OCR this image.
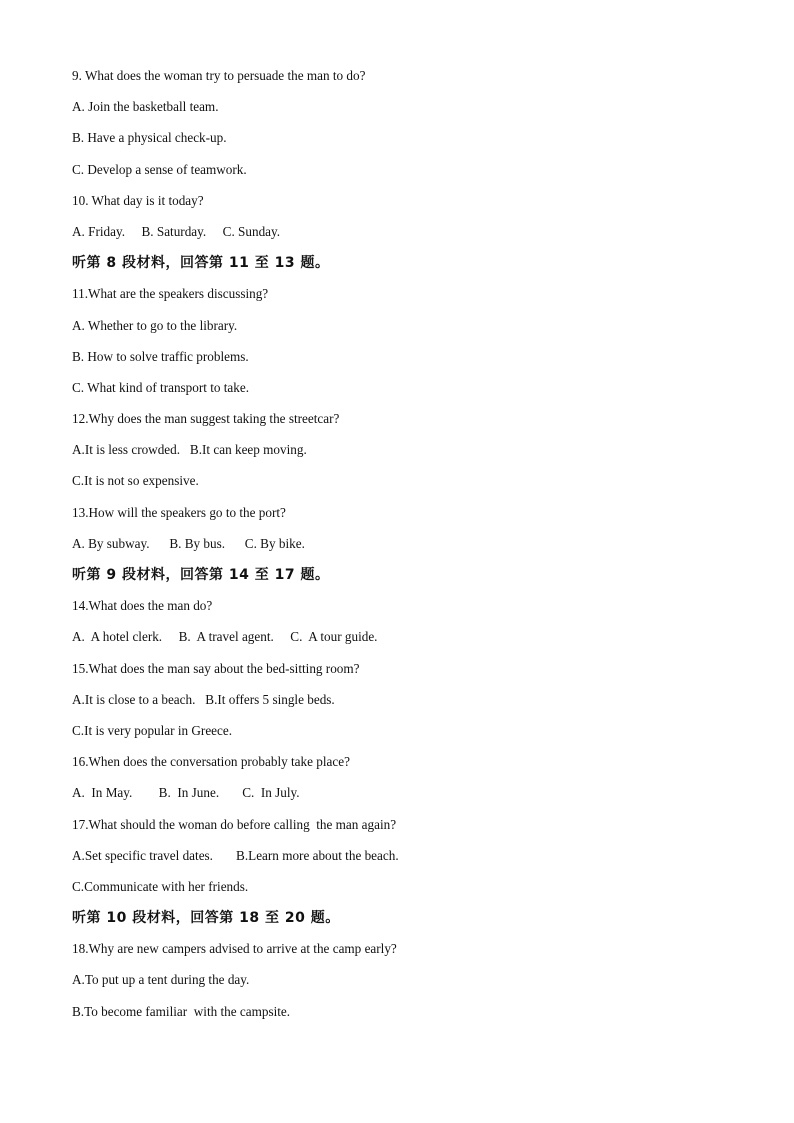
9. What does the woman try to persuade the man to do?
A. Join the basketball team.
B. Have a physical check-up.
C. Develop a sense of teamwork.
10. What day is it today?
A. Friday.     B. Saturday.     C. Sunday.
听第 8 段材料，回答第 11 至 13 题。
11.What are the speakers discussing?
A. Whether to go to the library.
B. How to solve traffic problems.
C. What kind of transport to take.
12.Why does the man suggest taking the streetcar?
A.It is less crowded.   B.It can keep moving.
C.It is not so expensive.
13.How will the speakers go to the port?
A. By subway.      B. By bus.      C. By bike.
听第 9 段材料，回答第 14 至 17 题。
14.What does the man do?
A.  A hotel clerk.     B.  A travel agent.     C.  A tour guide.
15.What does the man say about the bed-sitting room?
A.It is close to a beach.   B.It offers 5 single beds.
C.It is very popular in Greece.
16.When does the conversation probably take place?
A.  In May.        B.  In June.       C.  In July.
17.What should the woman do before calling  the man again?
A.Set specific travel dates.       B.Learn more about the beach.
C.Communicate with her friends.
听第 10 段材料，回答第 18 至 20 题。
18.Why are new campers advised to arrive at the camp early?
A.To put up a tent during the day.
B.To become familiar  with the campsite.
